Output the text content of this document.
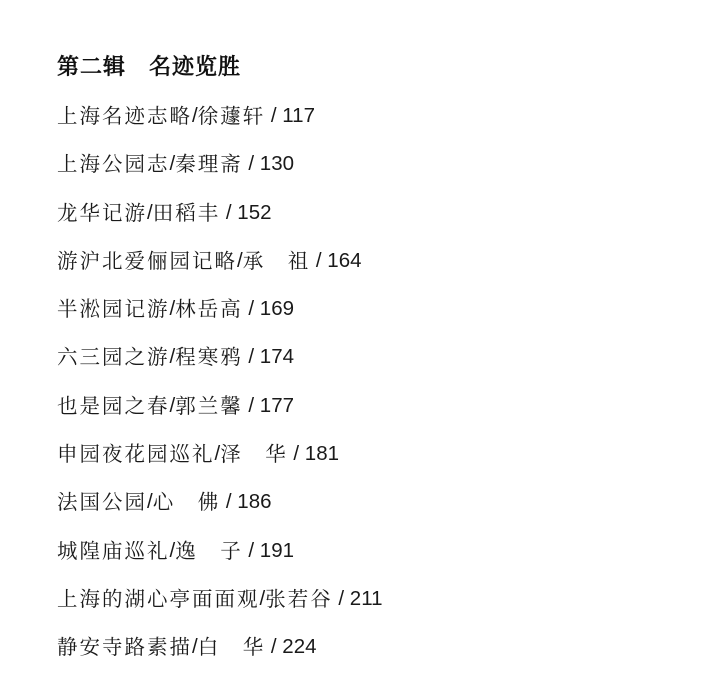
第二辑　名迹览胜
上海名迹志略 / 徐蘧轩 / 117
上海公园志 / 秦理斋 / 130
龙华记游 / 田稻丰 / 152
游沪北爱俪园记略 / 承　祖 / 164
半淞园记游 / 林岳高 / 169
六三园之游 / 程寒鸦 / 174
也是园之春 / 郭兰馨 / 177
申园夜花园巡礼 / 泽　华 / 181
法国公园 / 心　佛 / 186
城隍庙巡礼 / 逸　子 / 191
上海的湖心亭面面观 / 张若谷 / 211
静安寺路素描 / 白　华 / 224
